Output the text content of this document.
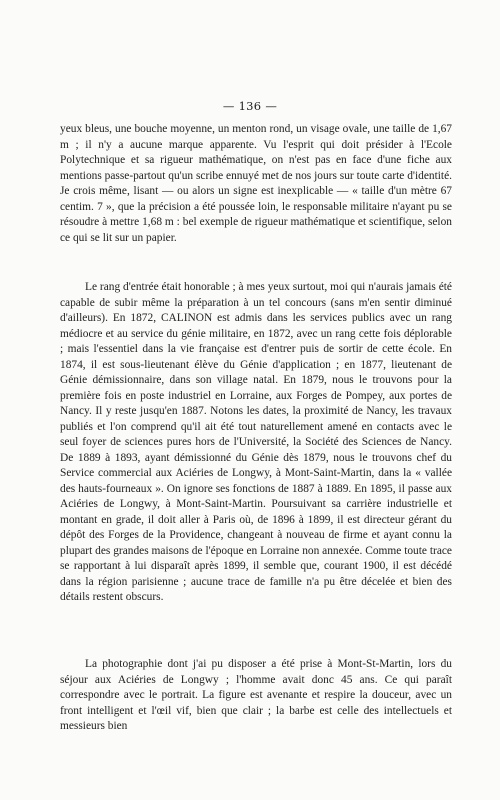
— 136 —

yeux bleus, une bouche moyenne, un menton rond, un visage ovale, une taille de 1,67 m ; il n'y a aucune marque apparente. Vu l'esprit qui doit présider à l'Ecole Polytechnique et sa rigueur mathématique, on n'est pas en face d'une fiche aux mentions passe-partout qu'un scribe ennuyé met de nos jours sur toute carte d'identité. Je crois même, lisant — ou alors un signe est inexplicable — « taille d'un mètre 67 centim. 7 », que la précision a été poussée loin, le responsable militaire n'ayant pu se résoudre à mettre 1,68 m : bel exemple de rigueur mathématique et scientifique, selon ce qui se lit sur un papier.

Le rang d'entrée était honorable ; à mes yeux surtout, moi qui n'aurais jamais été capable de subir même la préparation à un tel concours (sans m'en sentir diminué d'ailleurs). En 1872, CALINON est admis dans les services publics avec un rang médiocre et au service du génie militaire, en 1872, avec un rang cette fois déplorable ; mais l'essentiel dans la vie française est d'entrer puis de sortir de cette école. En 1874, il est sous-lieutenant élève du Génie d'application ; en 1877, lieutenant de Génie démissionnaire, dans son village natal. En 1879, nous le trouvons pour la première fois en poste industriel en Lorraine, aux Forges de Pompey, aux portes de Nancy. Il y reste jusqu'en 1887. Notons les dates, la proximité de Nancy, les travaux publiés et l'on comprend qu'il ait été tout naturellement amené en contacts avec le seul foyer de sciences pures hors de l'Université, la Société des Sciences de Nancy. De 1889 à 1893, ayant démissionné du Génie dès 1879, nous le trouvons chef du Service commercial aux Aciéries de Longwy, à Mont-Saint-Martin, dans la « vallée des hauts-fourneaux ». On ignore ses fonctions de 1887 à 1889. En 1895, il passe aux Aciéries de Longwy, à Mont-Saint-Martin. Poursuivant sa carrière industrielle et montant en grade, il doit aller à Paris où, de 1896 à 1899, il est directeur gérant du dépôt des Forges de la Providence, changeant à nouveau de firme et ayant connu la plupart des grandes maisons de l'époque en Lorraine non annexée. Comme toute trace se rapportant à lui disparaît après 1899, il semble que, courant 1900, il est décédé dans la région parisienne ; aucune trace de famille n'a pu être décelée et bien des détails restent obscurs.

La photographie dont j'ai pu disposer a été prise à Mont-St-Martin, lors du séjour aux Aciéries de Longwy ; l'homme avait donc 45 ans. Ce qui paraît correspondre avec le portrait. La figure est avenante et respire la douceur, avec un front intelligent et l'œil vif, bien que clair ; la barbe est celle des intellectuels et messieurs bien
